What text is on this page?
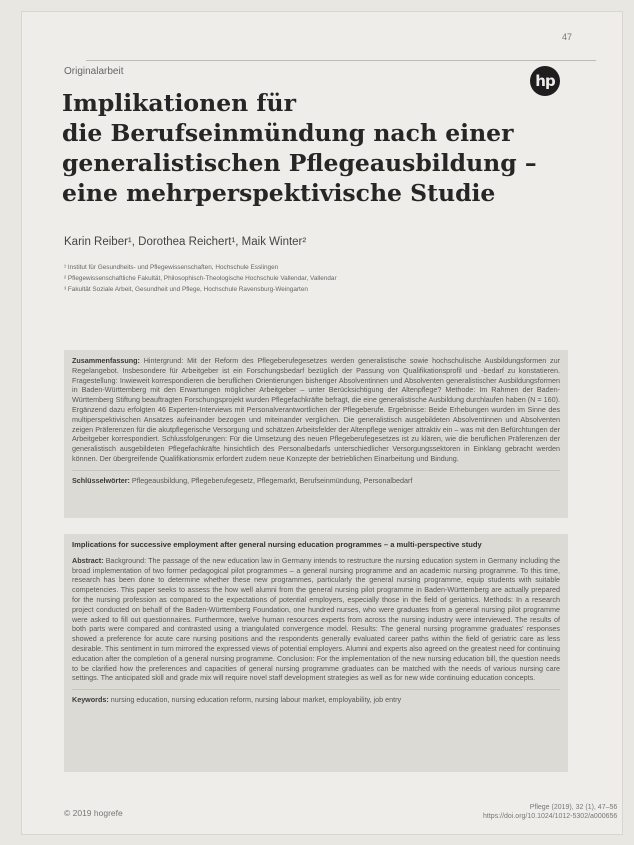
47
Originalarbeit
hp
Implikationen für
die Berufseinmündung nach einer
generalistischen Pflegeausbildung –
eine mehrperspektivische Studie
Karin Reiber¹, Dorothea Reichert¹, Maik Winter²
¹ Institut für Gesundheits- und Pflegewissenschaften, Hochschule Esslingen
² Pflegewissenschaftliche Fakultät, Philosophisch-Theologische Hochschule Vallendar, Vallendar
³ Fakultät Soziale Arbeit, Gesundheit und Pflege, Hochschule Ravensburg-Weingarten

Zusammenfassung: Hintergrund: Mit der Reform des Pflegeberufegesetzes werden generalistische sowie hochschulische Ausbildungsformen zur Regelangebot. Insbesondere für Arbeitgeber ist ein Forschungsbedarf bezüglich der Passung von Qualifikationsprofil und -bedarf zu konstatieren. Fragestellung: Inwieweit korrespondieren die beruflichen Orientierungen bisheriger Absolventinnen und Absolventen generalistischer Ausbildungsformen in Baden-Württemberg mit den Erwartungen möglicher Arbeitgeber – unter Berücksichtigung der Altenpflege? Methode: Im Rahmen der Baden-Württemberg Stiftung beauftragten Forschungsprojekt wurden Pflegefachkräfte befragt, die eine generalistische Ausbildung durchlaufen haben (N = 160). Ergänzend dazu erfolgten 46 Experten-Interviews mit Personalverantwortlichen der Pflegeberufe. Ergebnisse: Beide Erhebungen wurden im Sinne des multiperspektivischen Ansatzes aufeinander bezogen und miteinander verglichen. Die generalistisch ausgebildeten Absolventinnen und Absolventen zeigen Präferenzen für die akutpflegerische Versorgung und schätzen Arbeitsfelder der Altenpflege weniger attraktiv ein – was mit den Befürchtungen der Arbeitgeber korrespondiert. Schlussfolgerungen: Für die Umsetzung des neuen Pflegeberufegesetzes ist zu klären, wie die beruflichen Präferenzen der generalistisch ausgebildeten Pflegefachkräfte hinsichtlich des Personalbedarfs unterschiedlicher Versorgungssektoren in Einklang gebracht werden können. Der übergreifende Qualifikationsmix erfordert zudem neue Konzepte der betrieblichen Einarbeitung und Bindung.

Schlüsselwörter: Pflegeausbildung, Pflegeberufegesetz, Pflegemarkt, Berufseinmündung, Personalbedarf

Implications for successive employment after general nursing education programmes – a multi-perspective study

Abstract: Background: The passage of the new education law in Germany intends to restructure the nursing education system in Germany including the broad implementation of two former pedagogical pilot programmes – a general nursing programme and an academic nursing programme. To this time, research has been done to determine whether these new programmes, particularly the general nursing programme, equip students with suitable competencies. This paper seeks to assess the how well alumni from the general nursing pilot programme in Baden-Württemberg are actually prepared for the nursing profession as compared to the expectations of potential employers, especially those in the field of geriatrics. Methods: In a research project conducted on behalf of the Baden-Württemberg Foundation, one hundred nurses, who were graduates from a general nursing pilot programme were asked to fill out questionnaires. Furthermore, twelve human resources experts from across the nursing industry were interviewed. The results of both parts were compared and contrasted using a triangulated convergence model. Results: The general nursing programme graduates' responses showed a preference for acute care nursing positions and the respondents generally evaluated career paths within the field of geriatric care as less desirable. This sentiment in turn mirrored the expressed views of potential employers. Alumni and experts also agreed on the greatest need for continuing education after the completion of a general nursing programme. Conclusion: For the implementation of the new nursing education bill, the question needs to be clarified how the preferences and capacities of general nursing programme graduates can be matched with the needs of various nursing care settings. The anticipated skill and grade mix will require novel staff development strategies as well as for new wide continuing education concepts.

Keywords: nursing education, nursing education reform, nursing labour market, employability, job entry

© 2019 hogrefe
Pflege (2019), 32 (1), 47–56
https://doi.org/10.1024/1012-5302/a000656
